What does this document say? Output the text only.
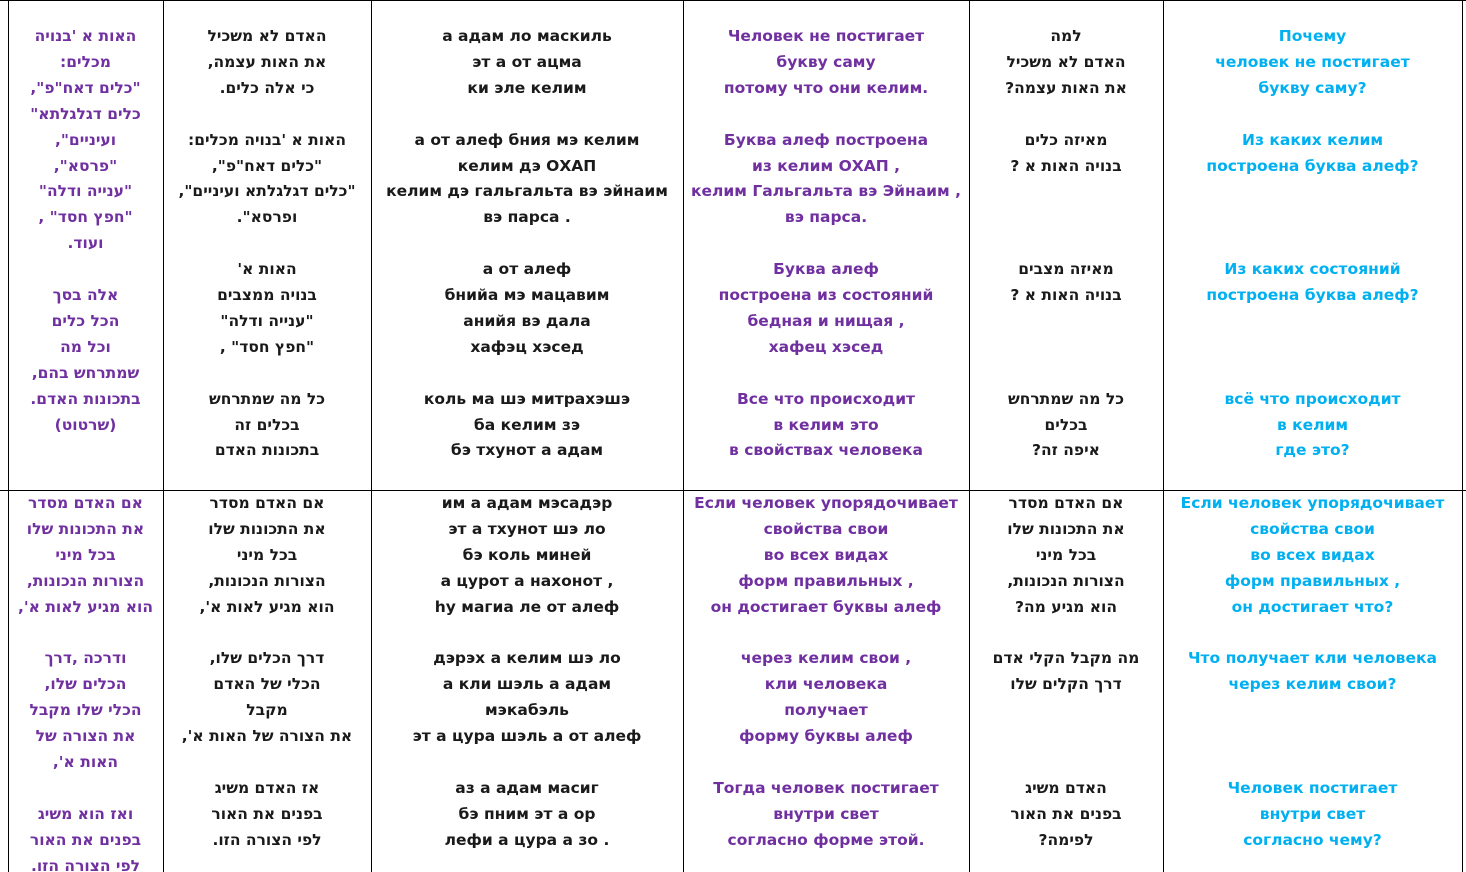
האות א 'בנויה
מכלים:
"כלים דאח"פ",
כלים דגלגלתא"
ועיניים",
"פרסא",
"ענייה ודלה"
"חפץ חסד" ,
ועוד.
אלה בסך
הכל כלים
וכל מה
שמתרחש בהם,
בתכונות האדם.
(שרטוט)
האדם לא משכיל
את האות עצמה,
כי אלה כלים.
האות א 'בנויה מכלים:
"כלים דאח"פ",
"כלים דגלגלתא ועיניים",
ופרסא".
האות א'
בנויה ממצבים
"ענייה ודלה"
"חפץ חסד" ,
כל מה שמתרחש
בכלים זה
בתכונות האדם
а адам ло маскиль
эт а от ацма
ки эле келим
а от алеф бния мэ келим
келим дэ ОХАП
келим дэ гальгальта вэ эйнаим
вэ парса .
а от алеф
бнийа мэ мацавим
анийя вэ дала
хафэц хэсед
коль ма шэ митрахэшэ
ба келим зэ
бэ тхунот а адам
Человек не постигает
букву саму
потому что они келим.
Буква алеф построена
из келим ОХАП ,
келим Гальгальта вэ Эйнаим ,
вэ парса.
Буква алеф
построена из состояний
бедная и нищая ,
хафец хэсед
Все что происходит
в келим это
в свойствах человека
למה
האדם לא משכיל
את האות עצמה?
מאיזה כלים
בנויה האות א ?
מאיזה מצבים
בנויה האות א ?
כל מה שמתרחש
בכלים
איפה זה?
Почему
человек не постигает
букву саму?
Из каких келим
построена буква алеф?
Из каких состояний
построена буква алеф?
всё что происходит
в келим
где это?
אם האדם מסדר
את התכונות שלו
בכל מיני
הצורות הנכונות,
הוא מגיע לאות א',
ודרכה ,דרך
הכלים שלו,
הכלי שלו מקבל
את הצורה של
האות א',
ואז הוא משיג
בפנים את האור
לפי הצורה הזו.
אם האדם מסדר
את התכונות שלו
בכל מיני
הצורות הנכונות,
הוא מגיע לאות א',
דרך הכלים שלו,
הכלי של האדם
מקבל
את הצורה של האות א',
אז האדם משיג
בפנים את האור
לפי הצורה הזו.
им а адам мэсадэр
эт а тхунот шэ ло
бэ коль миней
а цурот а нахонот ,
hу магиа ле от алеф
дэрэх а келим шэ ло
а кли шэль а адам
мэкабэль
эт а цура шэль а от алеф
аз а адам масиг
бэ пним эт а ор
лефи а цура а зо .
Если человек упорядочивает
свойства свои
во всех видах
форм правильных ,
он достигает буквы алеф
через келим свои ,
кли человека
получает
форму буквы алеф
Тогда человек постигает
внутри свет
согласно форме этой.
אם האדם מסדר
את התכונות שלו
בכל מיני
הצורות הנכונות,
הוא מגיע מה?
מה מקבל הקלי אדם
דרך הקלים שלו
האדם משיג
בפנים את האור
לפימה?
Если человек упорядочивает
свойства свои
во всех видах
форм правильных ,
он достигает что?
Что получает кли человека
через келим свои?
Человек постигает
внутри свет
согласно чему?
